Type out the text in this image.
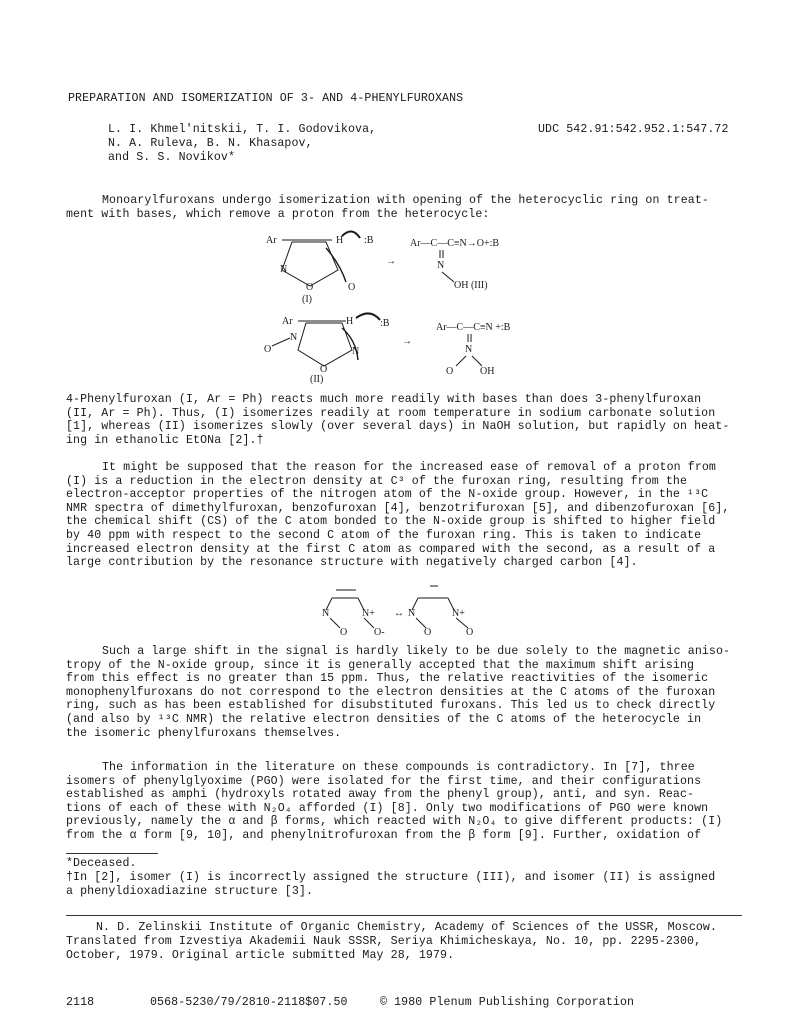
PREPARATION AND ISOMERIZATION OF 3- AND 4-PHENYLFUROXANS
L. I. Khmel'nitskii, T. I. Godovikova,
N. A. Ruleva, B. N. Khasapov,
and S. S. Novikov*
UDC 542.91:542.952.1:547.72
Monoarylfuroxans undergo isomerization with opening of the heterocyclic ring on treat-
ment with bases, which remove a proton from the heterocycle:
Ar	H :B
N
O	O
(I)
→
Ar—C—C≡N→O+:B
N
OH (III)
Ar	H	:B
N
N
O
O
(II)
→
Ar—C—C≡N +:B
N
O	OH
4-Phenylfuroxan (I, Ar = Ph) reacts much more readily with bases than does 3-phenylfuroxan
(II, Ar = Ph). Thus, (I) isomerizes readily at room temperature in sodium carbonate solution
[1], whereas (II) isomerizes slowly (over several days) in NaOH solution, but rapidly on heat-
ing in ethanolic EtONa [2].†
It might be supposed that the reason for the increased ease of removal of a proton from
(I) is a reduction in the electron density at C³ of the furoxan ring, resulting from the
electron-acceptor properties of the nitrogen atom of the N-oxide group. However, in the ¹³C
NMR spectra of dimethylfuroxan, benzofuroxan [4], benzotrifuroxan [5], and dibenzofuroxan [6],
the chemical shift (CS) of the C atom bonded to the N-oxide group is shifted to higher field
by 40 ppm with respect to the second C atom of the furoxan ring. This is taken to indicate
increased electron density at the first C atom as compared with the second, as a result of a
large contribution by the resonance structure with negatively charged carbon [4].
N	N+
O	O-
↔ N	N+
O	O
Such a large shift in the signal is hardly likely to be due solely to the magnetic aniso-
tropy of the N-oxide group, since it is generally accepted that the maximum shift arising
from this effect is no greater than 15 ppm. Thus, the relative reactivities of the isomeric
monophenylfuroxans do not correspond to the electron densities at the C atoms of the furoxan
ring, such as has been established for disubstituted furoxans. This led us to check directly
(and also by ¹³C NMR) the relative electron densities of the C atoms of the heterocycle in
the isomeric phenylfuroxans themselves.
The information in the literature on these compounds is contradictory. In [7], three
isomers of phenylglyoxime (PGO) were isolated for the first time, and their configurations
established as amphi (hydroxyls rotated away from the phenyl group), anti, and syn. Reac-
tions of each of these with N₂O₄ afforded (I) [8]. Only two modifications of PGO were known
previously, namely the α and β forms, which reacted with N₂O₄ to give different products: (I)
from the α form [9, 10], and phenylnitrofuroxan from the β form [9]. Further, oxidation of
*Deceased.
†In [2], isomer (I) is incorrectly assigned the structure (III), and isomer (II) is assigned
a phenyldioxadiazine structure [3].
N. D. Zelinskii Institute of Organic Chemistry, Academy of Sciences of the USSR, Moscow.
Translated from Izvestiya Akademii Nauk SSSR, Seriya Khimicheskaya, No. 10, pp. 2295-2300,
October, 1979. Original article submitted May 28, 1979.
2118	0568-5230/79/2810-2118$07.50	© 1980 Plenum Publishing Corporation
